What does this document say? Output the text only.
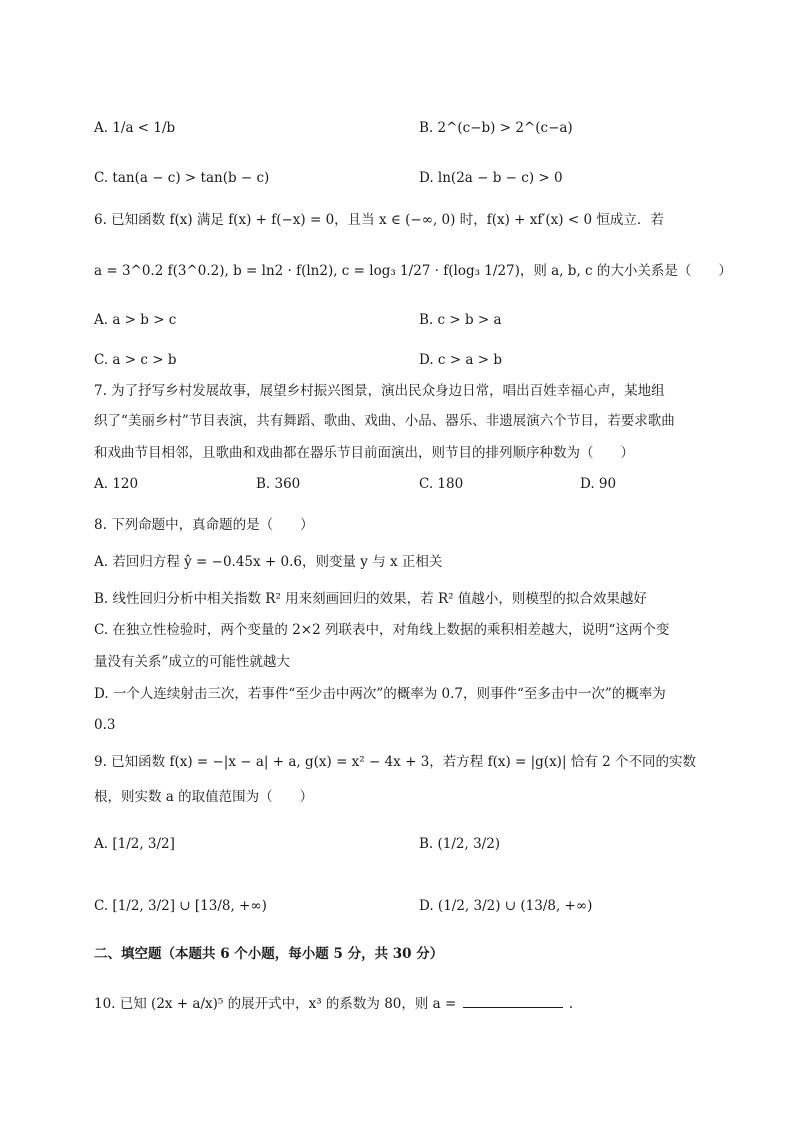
A. 1/a < 1/b	B. 2^(c−b) > 2^(c−a)
C. tan(a − c) > tan(b − c)	D. ln(2a − b − c) > 0
6. 已知函数 f(x) 满足 f(x) + f(−x) = 0，且当 x ∈ (−∞, 0) 时，f(x) + xf′(x) < 0 恒成立．若
a = 3^0.2 f(3^0.2), b = ln2 · f(ln2), c = log₃ 1/27 · f(log₃ 1/27)，则 a, b, c 的大小关系是（　　）
A. a > b > c	B. c > b > a
C. a > c > b	D. c > a > b
7. 为了抒写乡村发展故事，展望乡村振兴图景，演出民众身边日常，唱出百姓幸福心声，某地组
织了“美丽乡村”节目表演，共有舞蹈、歌曲、戏曲、小品、器乐、非遗展演六个节目，若要求歌曲
和戏曲节目相邻，且歌曲和戏曲都在器乐节目前面演出，则节目的排列顺序种数为（　　）
A. 120	B. 360	C. 180	D. 90
8. 下列命题中，真命题的是（　　）
A. 若回归方程 ŷ = −0.45x + 0.6，则变量 y 与 x 正相关
B. 线性回归分析中相关指数 R² 用来刻画回归的效果，若 R² 值越小，则模型的拟合效果越好
C. 在独立性检验时，两个变量的 2×2 列联表中，对角线上数据的乘积相差越大，说明“这两个变
量没有关系”成立的可能性就越大
D. 一个人连续射击三次，若事件“至少击中两次”的概率为 0.7，则事件“至多击中一次”的概率为
0.3
9. 已知函数 f(x) = −|x − a| + a, g(x) = x² − 4x + 3，若方程 f(x) = |g(x)| 恰有 2 个不同的实数
根，则实数 a 的取值范围为（　　）
A. [1/2, 3/2]	B. (1/2, 3/2)
C. [1/2, 3/2] ∪ [13/8, +∞)	D. (1/2, 3/2) ∪ (13/8, +∞)
二、填空题（本题共 6 个小题，每小题 5 分，共 30 分）
10. 已知 (2x + a/x)⁵ 的展开式中，x³ 的系数为 80，则 a =	.
